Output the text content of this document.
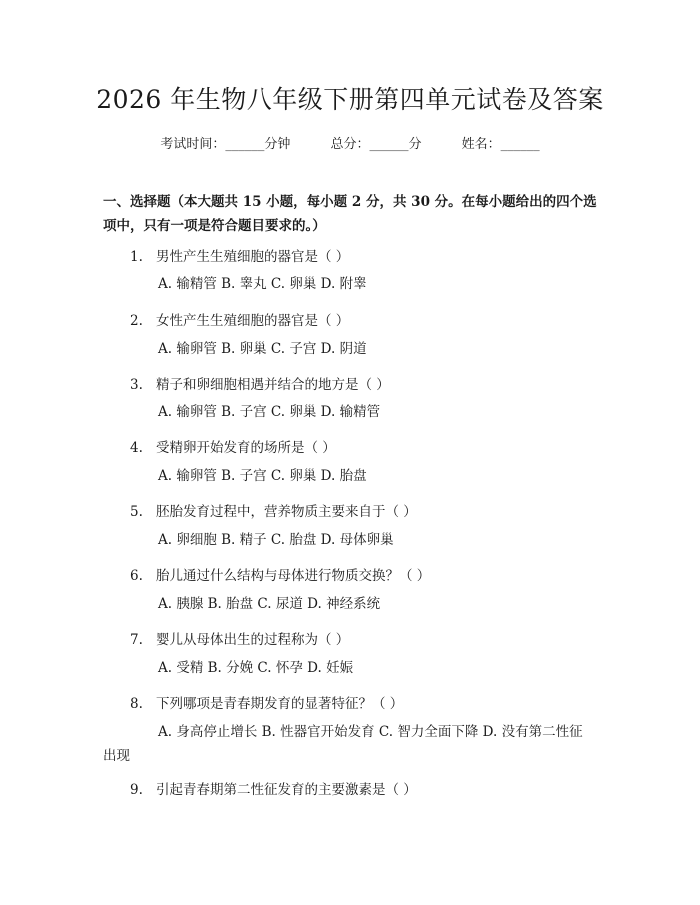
2026 年生物八年级下册第四单元试卷及答案
考试时间：______分钟	总分：______分	姓名：______
一、选择题（本大题共 15 小题，每小题 2 分，共 30 分。在每小题给出的四个选项中，只有一项是符合题目要求的。）
1. 男性产生生殖细胞的器官是（ ）
A. 输精管 B. 睾丸 C. 卵巢 D. 附睾
2. 女性产生生殖细胞的器官是（ ）
A. 输卵管 B. 卵巢 C. 子宫 D. 阴道
3. 精子和卵细胞相遇并结合的地方是（ ）
A. 输卵管 B. 子宫 C. 卵巢 D. 输精管
4. 受精卵开始发育的场所是（ ）
A. 输卵管 B. 子宫 C. 卵巢 D. 胎盘
5. 胚胎发育过程中，营养物质主要来自于（ ）
A. 卵细胞 B. 精子 C. 胎盘 D. 母体卵巢
6. 胎儿通过什么结构与母体进行物质交换？（ ）
A. 胰腺 B. 胎盘 C. 尿道 D. 神经系统
7. 婴儿从母体出生的过程称为（ ）
A. 受精 B. 分娩 C. 怀孕 D. 妊娠
8. 下列哪项是青春期发育的显著特征？（ ）
A. 身高停止增长 B. 性器官开始发育 C. 智力全面下降 D. 没有第二性征出现
9. 引起青春期第二性征发育的主要激素是（ ）
